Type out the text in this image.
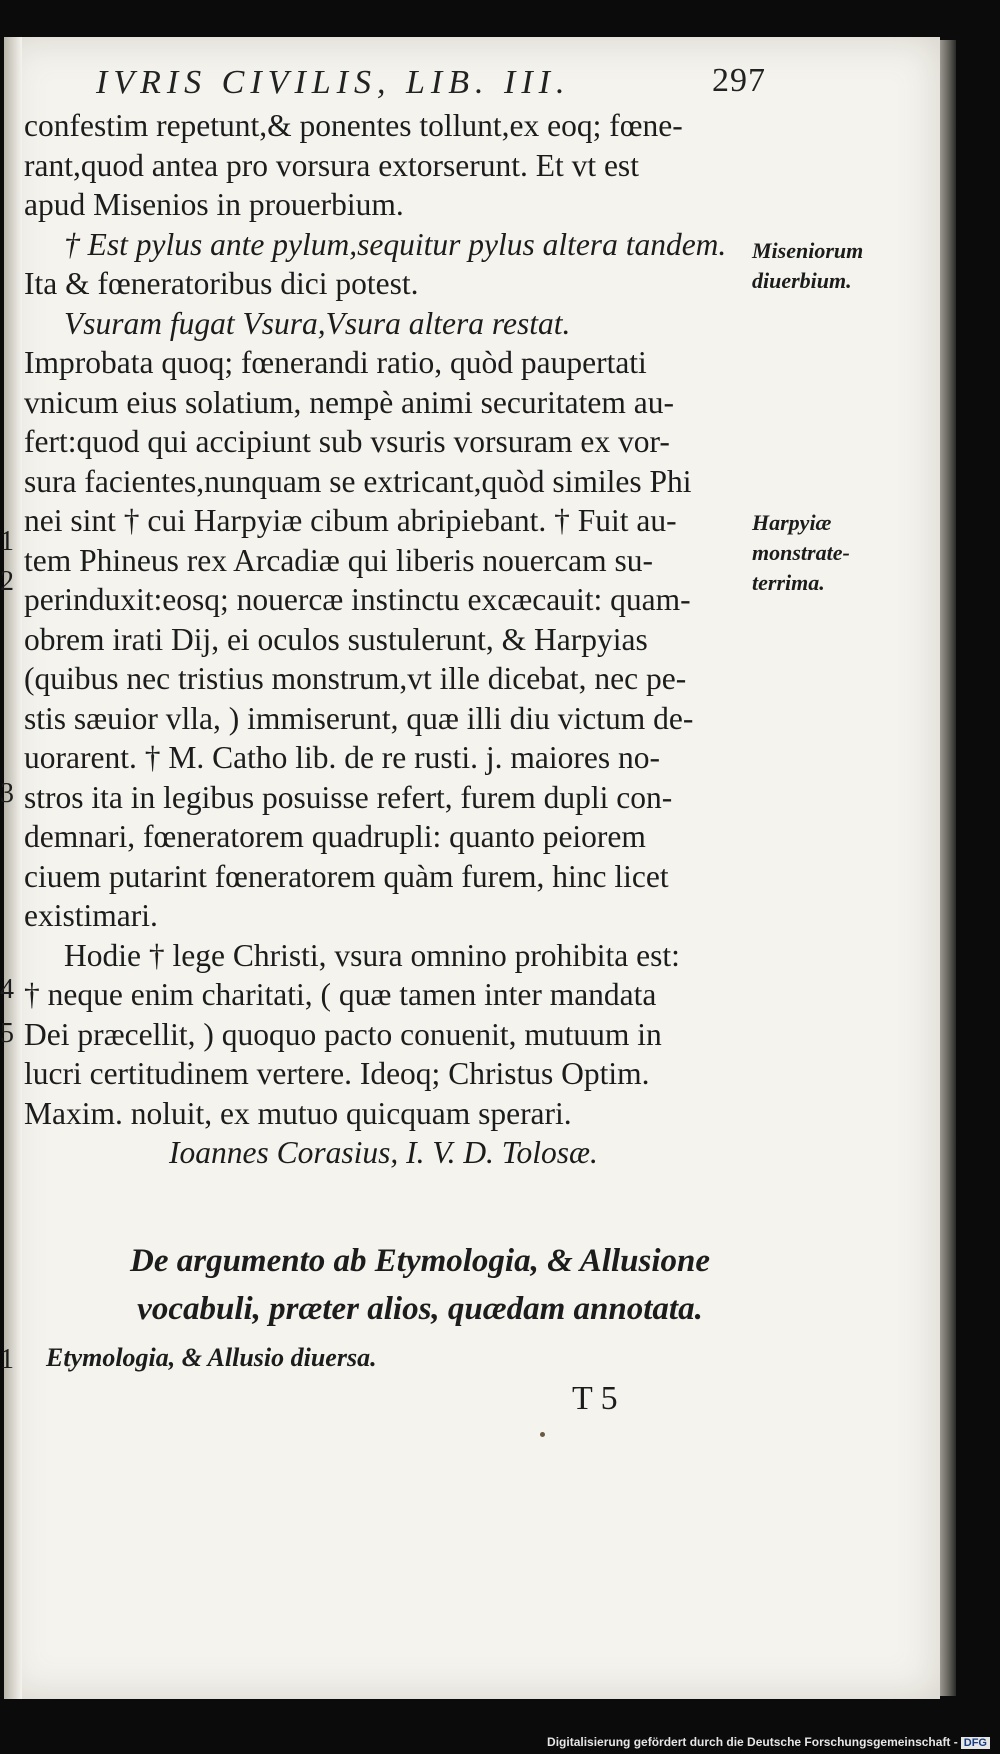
IVRIS CIVILIS, LIB. III.	297
confestim repetunt,& ponentes tollunt,ex eoq; fœne-
rant,quod antea pro vorsura extorserunt. Et vt est
apud Misenios in prouerbium.
† Est pylus ante pylum,sequitur pylus altera tandem.
Ita & fœneratoribus dici potest.
Vsuram fugat Vsura,Vsura altera restat.
Improbata quoq; fœnerandi ratio, quòd paupertati
vnicum eius solatium, nempè animi securitatem au-
fert:quod qui accipiunt sub vsuris vorsuram ex vor-
sura facientes,nunquam se extricant,quòd similes Phi
nei sint † cui Harpyiæ cibum abripiebant. † Fuit au-
tem Phineus rex Arcadiæ qui liberis nouercam su-
perinduxit:eosq; nouercæ instinctu excæcauit: quam-
obrem irati Dij, ei oculos sustulerunt, & Harpyias
(quibus nec tristius monstrum,vt ille dicebat, nec pe-
stis sæuior vlla, ) immiserunt, quæ illi diu victum de-
uorarent. † M. Catho lib. de re rusti. j. maiores no-
stros ita in legibus posuisse refert, furem dupli con-
demnari, fœneratorem quadrupli: quanto peiorem
ciuem putarint fœneratorem quàm furem, hinc licet
existimari.
Hodie † lege Christi, vsura omnino prohibita est:
† neque enim charitati, ( quæ tamen inter mandata
Dei præcellit, ) quoquo pacto conuenit, mutuum in
lucri certitudinem vertere. Ideoq; Christus Optim.
Maxim. noluit, ex mutuo quicquam sperari.
Ioannes Corasius, I. V. D. Tolosæ.
Miseniorum
diuerbium.
Harpyiæ
monstrate-
terrima.
1
2
3
4
5
1
De argumento ab Etymologia, & Allusione
vocabuli, præter alios, quædam annotata.
Etymologia, & Allusio diuersa.
T 5
Digitalisierung gefördert durch die Deutsche Forschungsgemeinschaft - DFG
